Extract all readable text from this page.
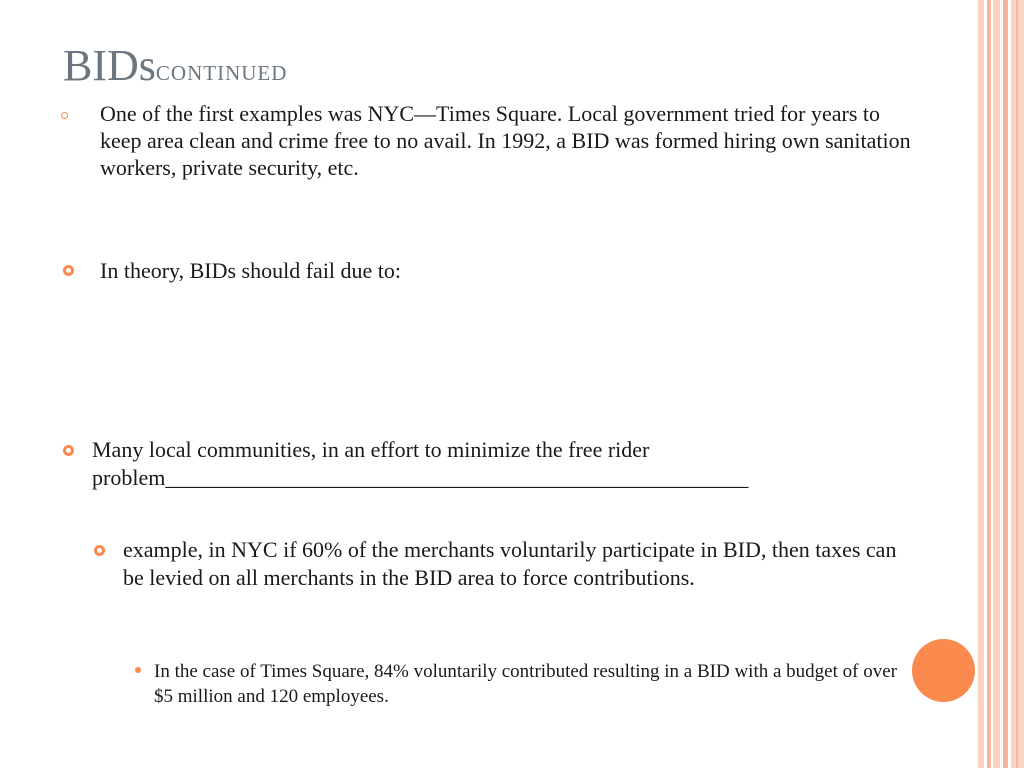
BIDscontinued
One of the first examples was NYC—Times Square. Local government tried for years to keep area clean and crime free to no avail. In 1992, a BID was formed hiring own sanitation workers, private security, etc.
In theory, BIDs should fail due to:
Many local communities, in an effort to minimize the free rider problem_____________________________________________________
example, in NYC if 60% of the merchants voluntarily participate in BID, then taxes can be levied on all merchants in the BID area to force contributions.
In the case of Times Square, 84% voluntarily contributed resulting in a BID with a budget of over $5 million and 120 employees.
